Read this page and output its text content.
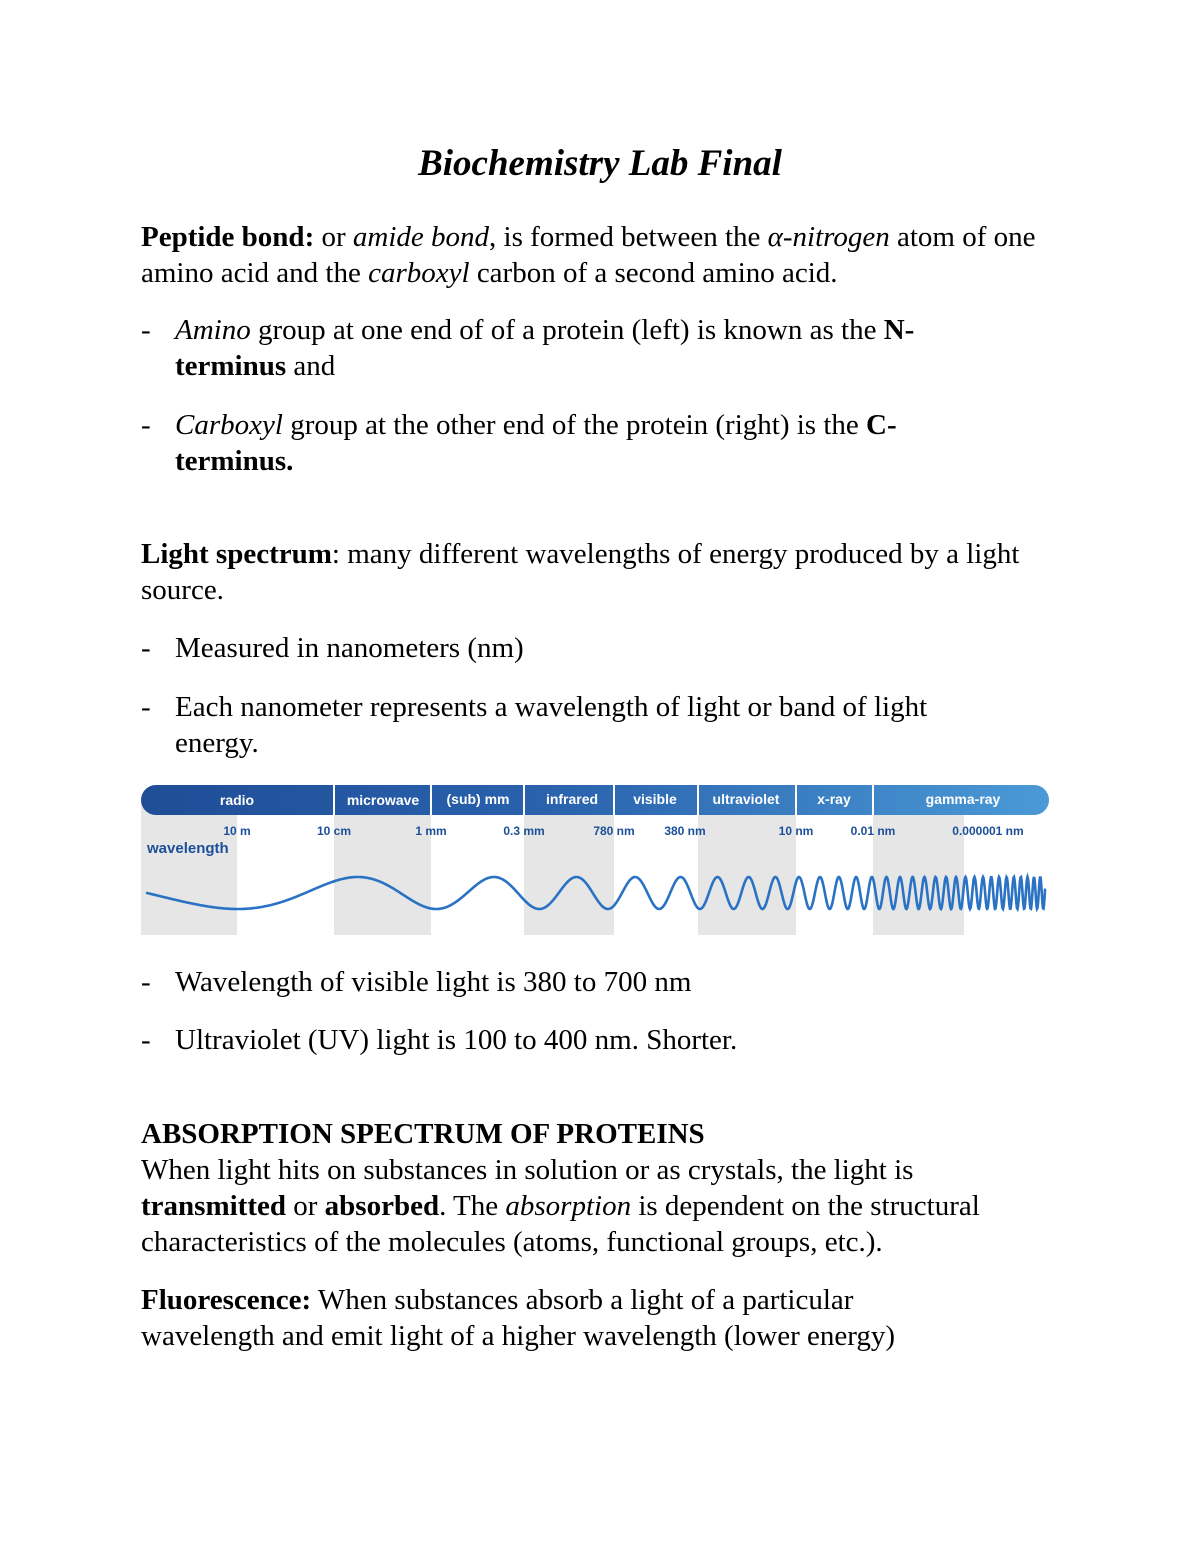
Biochemistry Lab Final

Peptide bond: or amide bond, is formed between the α-nitrogen atom of one amino acid and the carboxyl carbon of a second amino acid.

- Amino group at one end of of a protein (left) is known as the N-terminus and
- Carboxyl group at the other end of the protein (right) is the C-terminus.

Light spectrum: many different wavelengths of energy produced by a light source.

- Measured in nanometers (nm)
- Each nanometer represents a wavelength of light or band of light energy.
radio	microwave (sub) mm	infrared	visible	ultraviolet	x-ray	gamma-ray
10 m	10 cm	1 mm	0.3 mm	780 nm 380 nm	10 nm	0.01 nm	0.000001 nm
wavelength
- Wavelength of visible light is 380 to 700 nm
- Ultraviolet (UV) light is 100 to 400 nm. Shorter.
ABSORPTION SPECTRUM OF PROTEINS

When light hits on substances in solution or as crystals, the light is transmitted or absorbed. The absorption is dependent on the structural characteristics of the molecules (atoms, functional groups, etc.).

Fluorescence: When substances absorb a light of a particular wavelength and emit light of a higher wavelength (lower energy)
